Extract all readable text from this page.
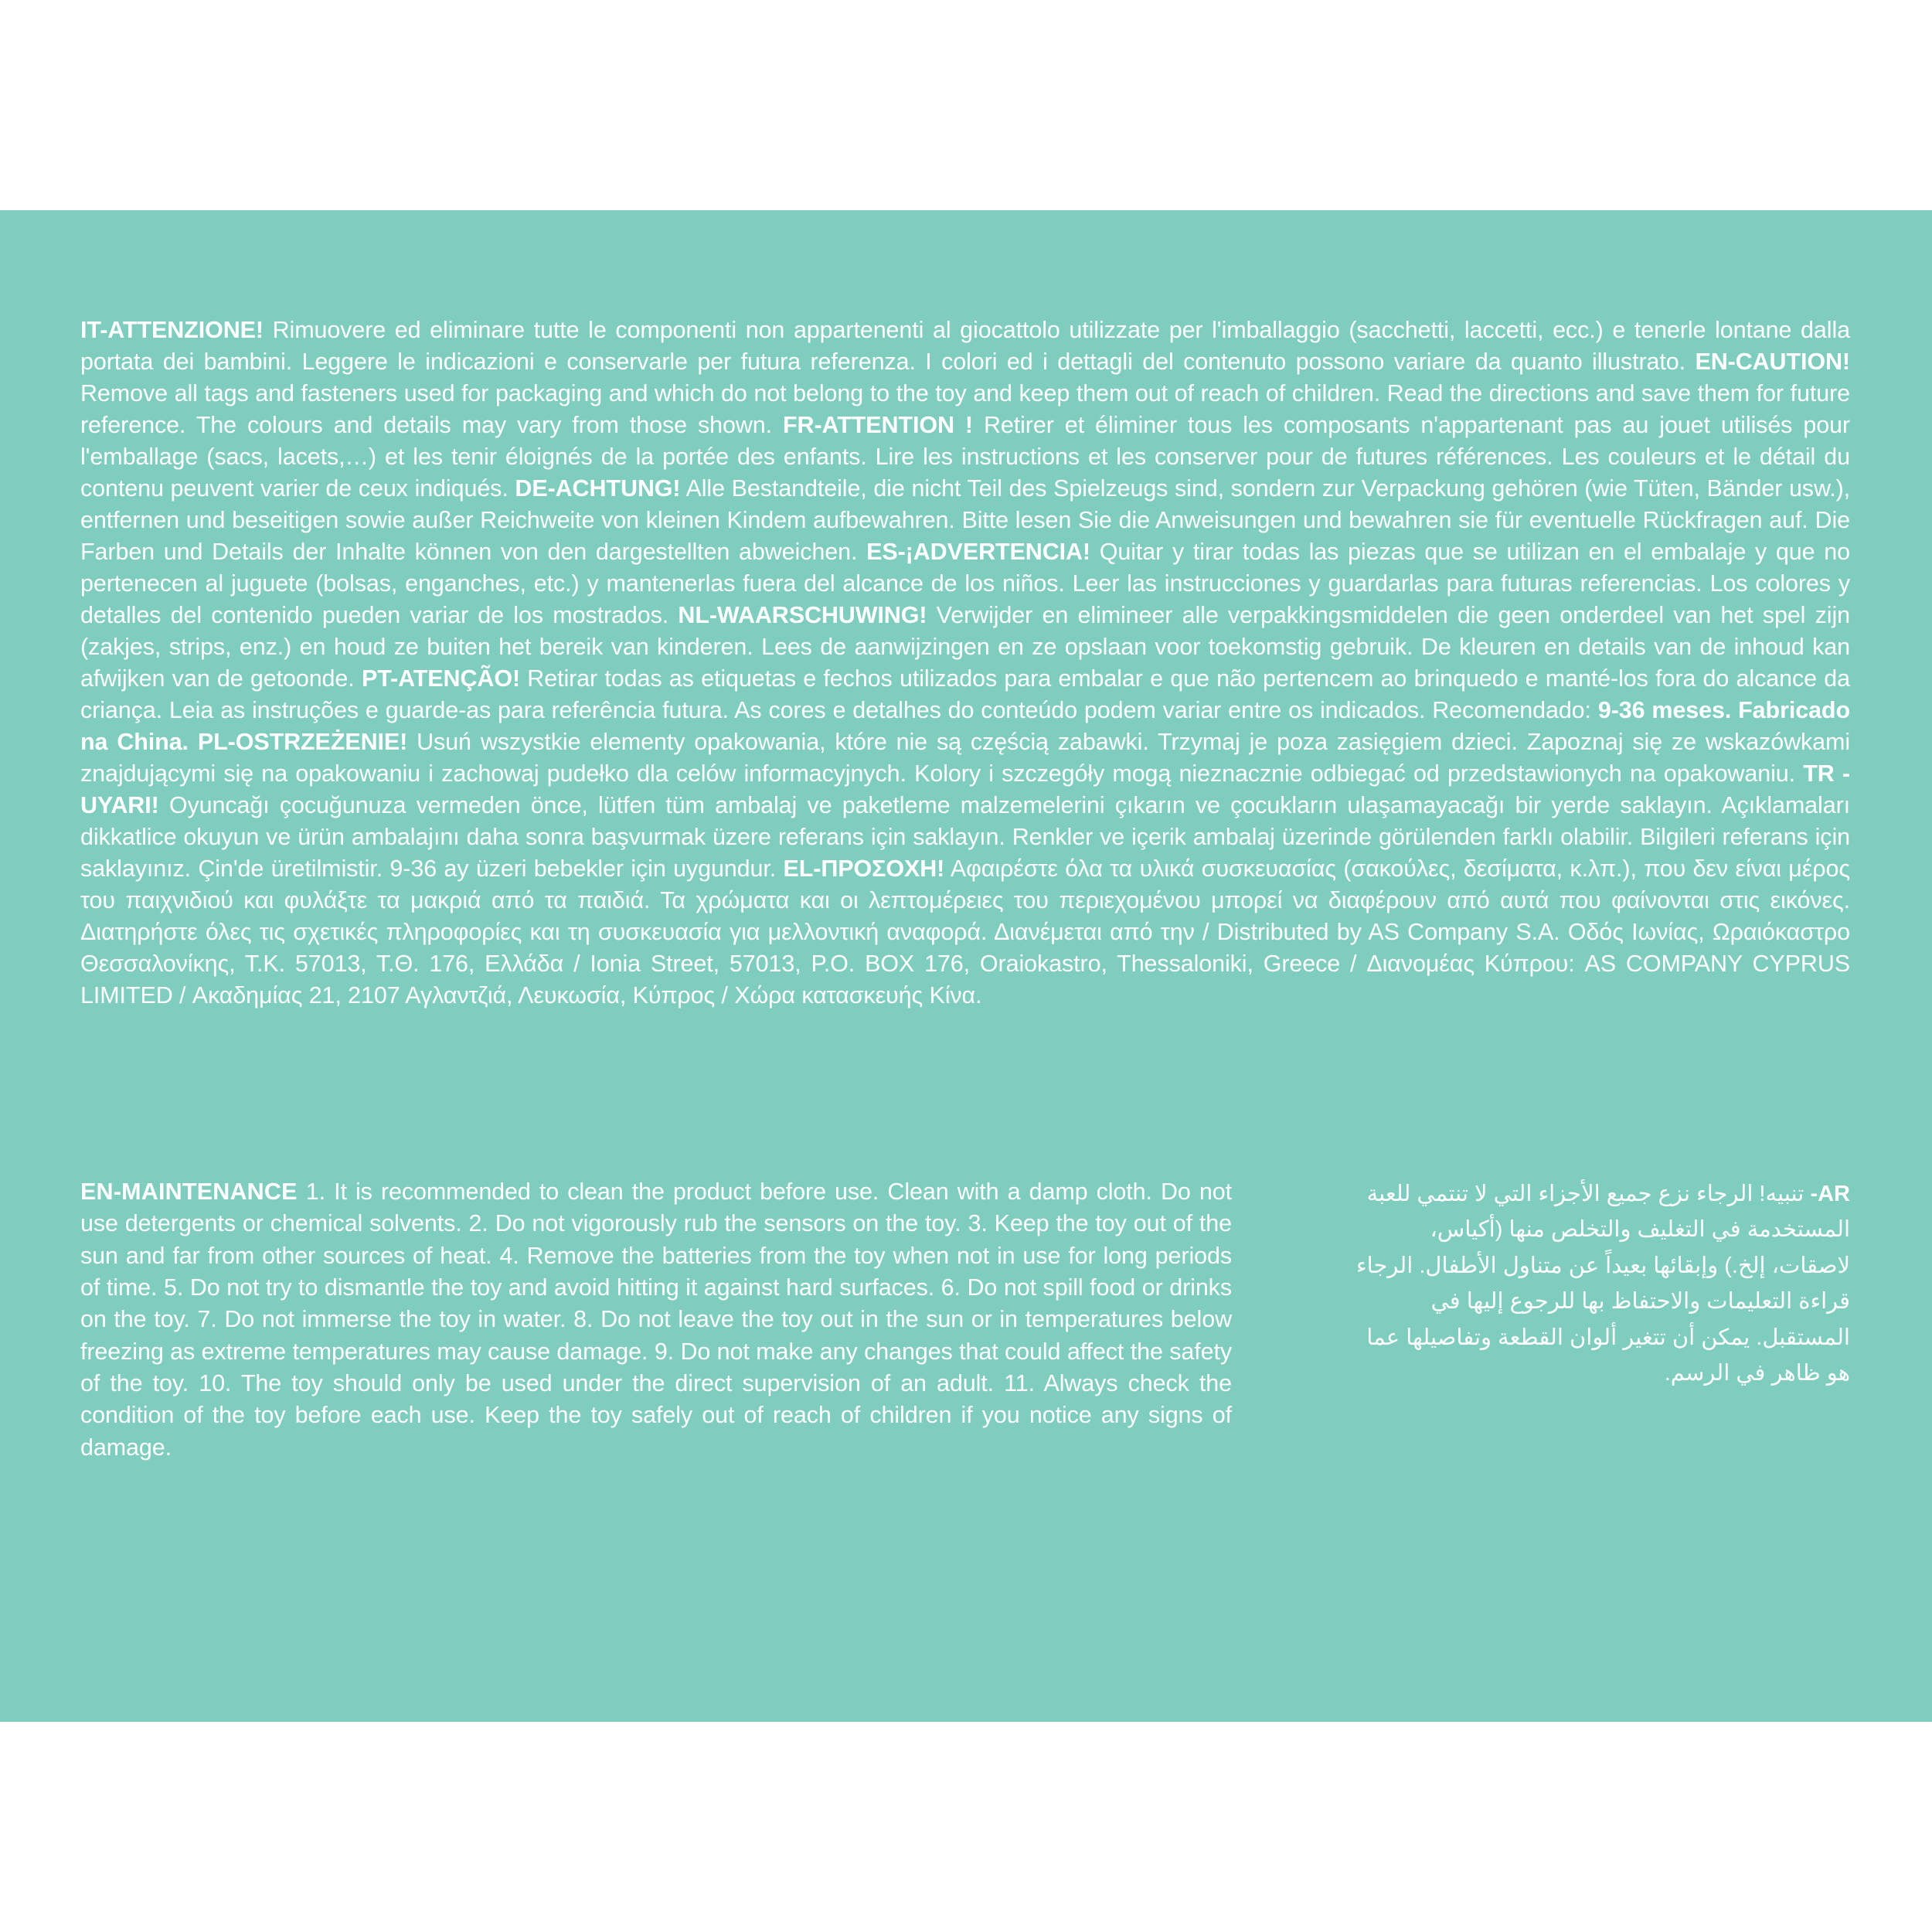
IT-ATTENZIONE! Rimuovere ed eliminare tutte le componenti non appartenenti al giocattolo utilizzate per l'imballaggio (sacchetti, laccetti, ecc.) e tenerle lontane dalla portata dei bambini. Leggere le indicazioni e conservarle per futura referenza. I colori ed i dettagli del contenuto possono variare da quanto illustrato. EN-CAUTION! Remove all tags and fasteners used for packaging and which do not belong to the toy and keep them out of reach of children. Read the directions and save them for future reference. The colours and details may vary from those shown. FR-ATTENTION ! Retirer et éliminer tous les composants n'appartenant pas au jouet utilisés pour l'emballage (sacs, lacets,…) et les tenir éloignés de la portée des enfants. Lire les instructions et les conserver pour de futures références. Les couleurs et le détail du contenu peuvent varier de ceux indiqués. DE-ACHTUNG! Alle Bestandteile, die nicht Teil des Spielzeugs sind, sondern zur Verpackung gehören (wie Tüten, Bänder usw.), entfernen und beseitigen sowie außer Reichweite von kleinen Kindem aufbewahren. Bitte lesen Sie die Anweisungen und bewahren sie für eventuelle Rückfragen auf. Die Farben und Details der Inhalte können von den dargestellten abweichen. ES-¡ADVERTENCIA! Quitar y tirar todas las piezas que se utilizan en el embalaje y que no pertenecen al juguete (bolsas, enganches, etc.) y mantenerlas fuera del alcance de los niños. Leer las instrucciones y guardarlas para futuras referencias. Los colores y detalles del contenido pueden variar de los mostrados. NL-WAARSCHUWING! Verwijder en elimineer alle verpakkingsmiddelen die geen onderdeel van het spel zijn (zakjes, strips, enz.) en houd ze buiten het bereik van kinderen. Lees de aanwijzingen en ze opslaan voor toekomstig gebruik. De kleuren en details van de inhoud kan afwijken van de getoonde. PT-ATENÇÃO! Retirar todas as etiquetas e fechos utilizados para embalar e que não pertencem ao brinquedo e manté-los fora do alcance da criança. Leia as instruções e guarde-as para referência futura. As cores e detalhes do conteúdo podem variar entre os indicados. Recomendado: 9-36 meses. Fabricado na China. PL-OSTRZEŻENIE! Usuń wszystkie elementy opakowania, które nie są częścią zabawki. Trzymaj je poza zasięgiem dzieci. Zapoznaj się ze wskazówkami znajdującymi się na opakowaniu i zachowaj pudełko dla celów informacyjnych. Kolory i szczegóły mogą nieznacznie odbiegać od przedstawionych na opakowaniu. TR - UYARI! Oyuncağı çocuğunuza vermeden önce, lütfen tüm ambalaj ve paketleme malzemelerini çıkarın ve çocukların ulaşamayacağı bir yerde saklayın. Açıklamaları dikkatlice okuyun ve ürün ambalajını daha sonra başvurmak üzere referans için saklayın. Renkler ve içerik ambalaj üzerinde görülenden farklı olabilir. Bilgileri referans için saklayınız. Çin'de üretilmistir. 9-36 ay üzeri bebekler için uygundur. EL-ΠΡΟΣΟΧΗ! Αφαιρέστε όλα τα υλικά συσκευασίας (σακούλες, δεσίματα, κ.λπ.), που δεν είναι μέρος του παιχνιδιού και φυλάξτε τα μακριά από τα παιδιά. Τα χρώματα και οι λεπτομέρειες του περιεχομένου μπορεί να διαφέρουν από αυτά που φαίνονται στις εικόνες. Διατηρήστε όλες τις σχετικές πληροφορίες και τη συσκευασία για μελλοντική αναφορά. Διανέμεται από την / Distributed by AS Company S.A. Οδός Ιωνίας, Ωραιόκαστρο Θεσσαλονίκης, Τ.Κ. 57013, Τ.Θ. 176, Ελλάδα / Ionia Street, 57013, P.O. BOX 176, Oraiokastro, Thessaloniki, Greece / Διανομέας Κύπρου: AS COMPANY CYPRUS LIMITED / Ακαδημίας 21, 2107 Αγλαντζιά, Λευκωσία, Κύπρος / Χώρα κατασκευής Κίνα.
EN-MAINTENANCE 1. It is recommended to clean the product before use. Clean with a damp cloth. Do not use detergents or chemical solvents. 2. Do not vigorously rub the sensors on the toy. 3. Keep the toy out of the sun and far from other sources of heat. 4. Remove the batteries from the toy when not in use for long periods of time. 5. Do not try to dismantle the toy and avoid hitting it against hard surfaces. 6. Do not spill food or drinks on the toy. 7. Do not immerse the toy in water. 8. Do not leave the toy out in the sun or in temperatures below freezing as extreme temperatures may cause damage. 9. Do not make any changes that could affect the safety of the toy. 10. The toy should only be used under the direct supervision of an adult. 11. Always check the condition of the toy before each use. Keep the toy safely out of reach of children if you notice any signs of damage.
AR- تنبيه! الرجاء نزع جميع الأجزاء التي لا تنتمي للعبة المستخدمة في التغليف والتخلص منها (أكياس، لاصقات، إلخ.) وإبقائها بعيداً عن متناول الأطفال. الرجاء قراءة التعليمات والاحتفاظ بها للرجوع إليها في المستقبل. يمكن أن تتغير ألوان القطعة وتفاصيلها عما هو ظاهر في الرسم.
